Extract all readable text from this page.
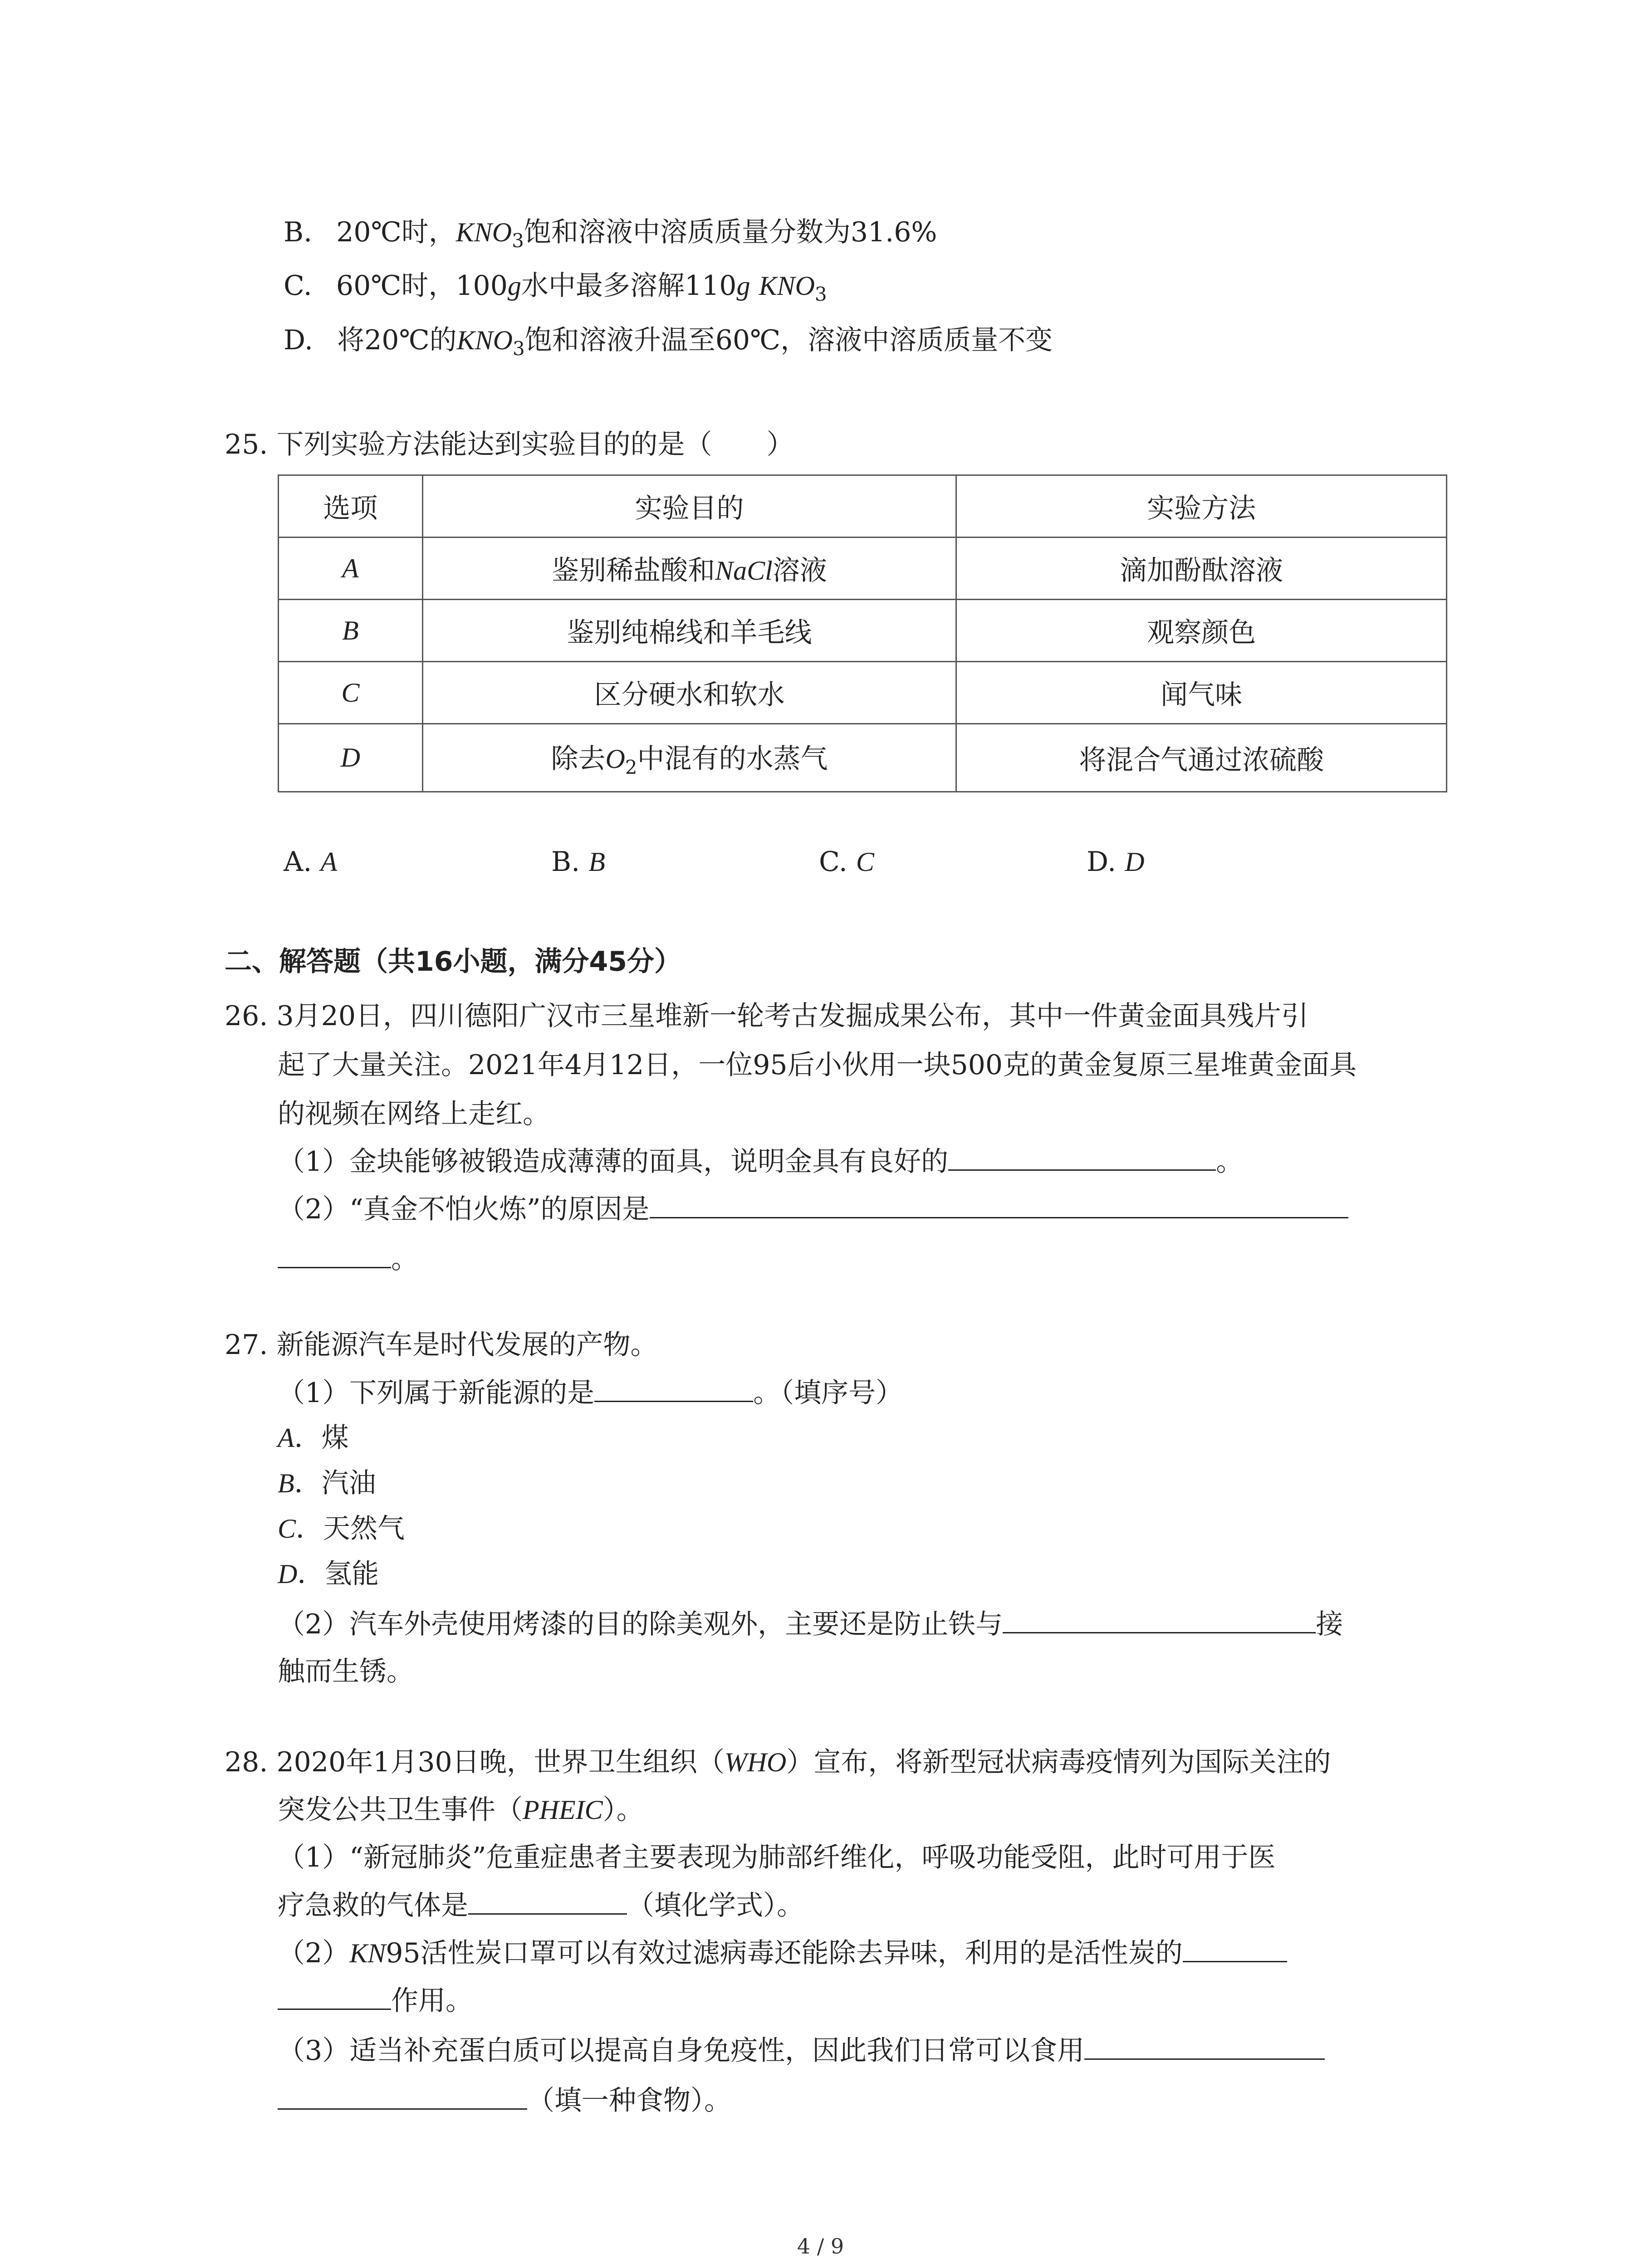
B. 20℃时，$KNO_3$饱和溶液中溶质质量分数为31.6%
C. 60℃时，100g水中最多溶解110g $KNO_3$
D. 将20℃的$KNO_3$饱和溶液升温至60℃，溶液中溶质质量不变
25. 下列实验方法能达到实验目的的是（　　）
选项	实验目的	实验方法
A	鉴别稀盐酸和NaCl溶液	滴加酚酞溶液
B	鉴别纯棉线和羊毛线	观察颜色
C	区分硬水和软水	闻气味
D	除去$O_2$中混有的水蒸气	将混合气通过浓硫酸
A. A	B. B	C. C	D. D
二、解答题（共16小题，满分45分）
26. 3月20日，四川德阳广汉市三星堆新一轮考古发掘成果公布，其中一件黄金面具残片引
起了大量关注。2021年4月12日，一位95后小伙用一块500克的黄金复原三星堆黄金面具
的视频在网络上走红。
（1）金块能够被锻造成薄薄的面具，说明金具有良好的	。
（2）“真金不怕火炼”的原因是
。
27. 新能源汽车是时代发展的产物。
（1）下列属于新能源的是	。（填序号）
A．煤
B．汽油
C．天然气
D．氢能
（2）汽车外壳使用烤漆的目的除美观外，主要还是防止铁与	接
触而生锈。
28. 2020年1月30日晚，世界卫生组织（WHO）宣布，将新型冠状病毒疫情列为国际关注的
突发公共卫生事件（PHEIC）。
（1）“新冠肺炎”危重症患者主要表现为肺部纤维化，呼吸功能受阻，此时可用于医
疗急救的气体是	（填化学式）。
（2）KN95活性炭口罩可以有效过滤病毒还能除去异味，利用的是活性炭的
作用。
（3）适当补充蛋白质可以提高自身免疫性，因此我们日常可以食用
（填一种食物）。
4 / 9
